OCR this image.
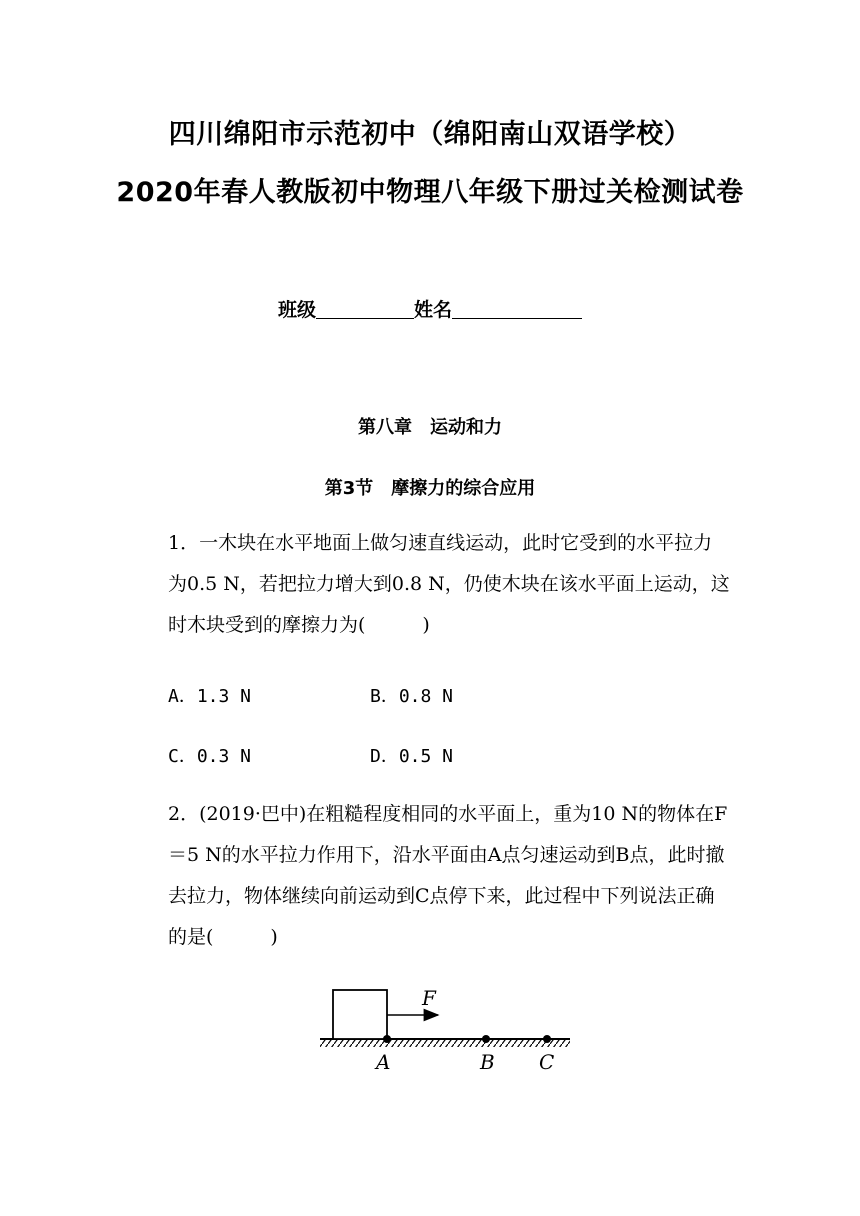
四川绵阳市示范初中（绵阳南山双语学校）
2020年春人教版初中物理八年级下册过关检测试卷
班级	姓名
第八章　运动和力
第3节　摩擦力的综合应用
1．一木块在水平地面上做匀速直线运动，此时它受到的水平拉力为0.5 N，若把拉力增大到0.8 N，仍使木块在该水平面上运动，这时木块受到的摩擦力为(　　　)
A．1.3 N	B．0.8 N
C．0.3 N	D．0.5 N
2．(2019·巴中)在粗糙程度相同的水平面上，重为10 N的物体在F＝5 N的水平拉力作用下，沿水平面由A点匀速运动到B点，此时撤去拉力，物体继续向前运动到C点停下来，此过程中下列说法正确的是(　　　)
F
A	B C
